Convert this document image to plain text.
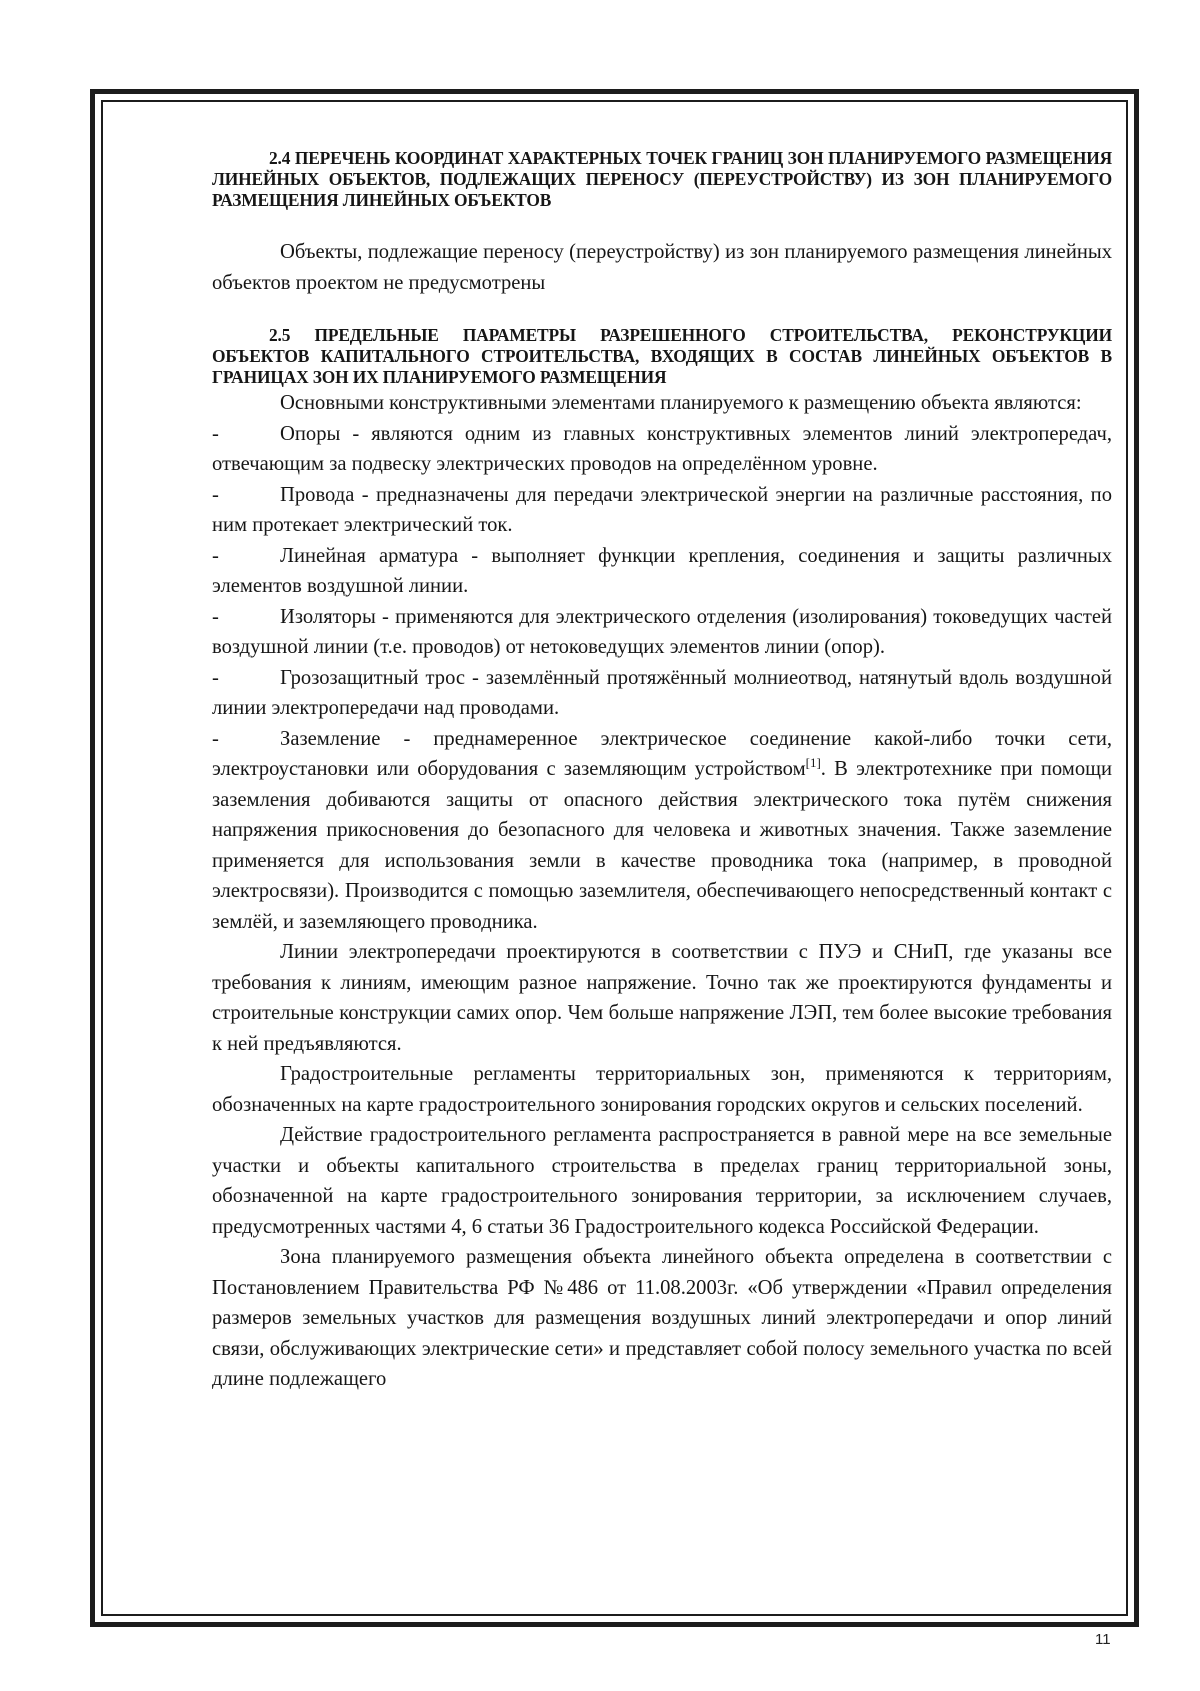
2.4 ПЕРЕЧЕНЬ КООРДИНАТ ХАРАКТЕРНЫХ ТОЧЕК ГРАНИЦ ЗОН ПЛАНИРУЕМОГО РАЗМЕЩЕНИЯ ЛИНЕЙНЫХ ОБЪЕКТОВ, ПОДЛЕЖАЩИХ ПЕРЕНОСУ (ПЕРЕУСТРОЙСТВУ) ИЗ ЗОН ПЛАНИРУЕМОГО РАЗМЕЩЕНИЯ ЛИНЕЙНЫХ ОБЪЕКТОВ

Объекты, подлежащие переносу (переустройству) из зон планируемого размещения линейных объектов проектом не предусмотрены

2.5 ПРЕДЕЛЬНЫЕ ПАРАМЕТРЫ РАЗРЕШЕННОГО СТРОИТЕЛЬСТВА, РЕКОНСТРУКЦИИ ОБЪЕКТОВ КАПИТАЛЬНОГО СТРОИТЕЛЬСТВА, ВХОДЯЩИХ В СОСТАВ ЛИНЕЙНЫХ ОБЪЕКТОВ В ГРАНИЦАХ ЗОН ИХ ПЛАНИРУЕМОГО РАЗМЕЩЕНИЯ

Основными конструктивными элементами планируемого к размещению объекта являются:

-	Опоры - являются одним из главных конструктивных элементов линий электропередач, отвечающим за подвеску электрических проводов на определённом уровне.

-	Провода - предназначены для передачи электрической энергии на различные расстояния, по ним протекает электрический ток.

-	Линейная арматура - выполняет функции крепления, соединения и защиты различных элементов воздушной линии.

-	Изоляторы - применяются для электрического отделения (изолирования) токоведущих частей воздушной линии (т.е. проводов) от нетоковедущих элементов линии (опор).

-	Грозозащитный трос - заземлённый протяжённый молниеотвод, натянутый вдоль воздушной линии электропередачи над проводами.

-	Заземление - преднамеренное электрическое соединение какой-либо точки сети, электроустановки или оборудования с заземляющим устройством[1]. В электротехнике при помощи заземления добиваются защиты от опасного действия электрического тока путём снижения напряжения прикосновения до безопасного для человека и животных значения. Также заземление применяется для использования земли в качестве проводника тока (например, в проводной электросвязи). Производится с помощью заземлителя, обеспечивающего непосредственный контакт с землёй, и заземляющего проводника.

Линии электропередачи проектируются в соответствии с ПУЭ и СНиП, где указаны все требования к линиям, имеющим разное напряжение. Точно так же проектируются фундаменты и строительные конструкции самих опор. Чем больше напряжение ЛЭП, тем более высокие требования к ней предъявляются.

Градостроительные регламенты территориальных зон, применяются к территориям, обозначенных на карте градостроительного зонирования городских округов и сельских поселений.

Действие градостроительного регламента распространяется в равной мере на все земельные участки и объекты капитального строительства в пределах границ территориальной зоны, обозначенной на карте градостроительного зонирования территории, за исключением случаев, предусмотренных частями 4, 6 статьи 36 Градостроительного кодекса Российской Федерации.

Зона планируемого размещения объекта линейного объекта определена в соответствии с Постановлением Правительства РФ №486 от 11.08.2003г. «Об утверждении «Правил определения размеров земельных участков для размещения воздушных линий электропередачи и опор линий связи, обслуживающих электрические сети» и представляет собой полосу земельного участка по всей длине подлежащего

11
